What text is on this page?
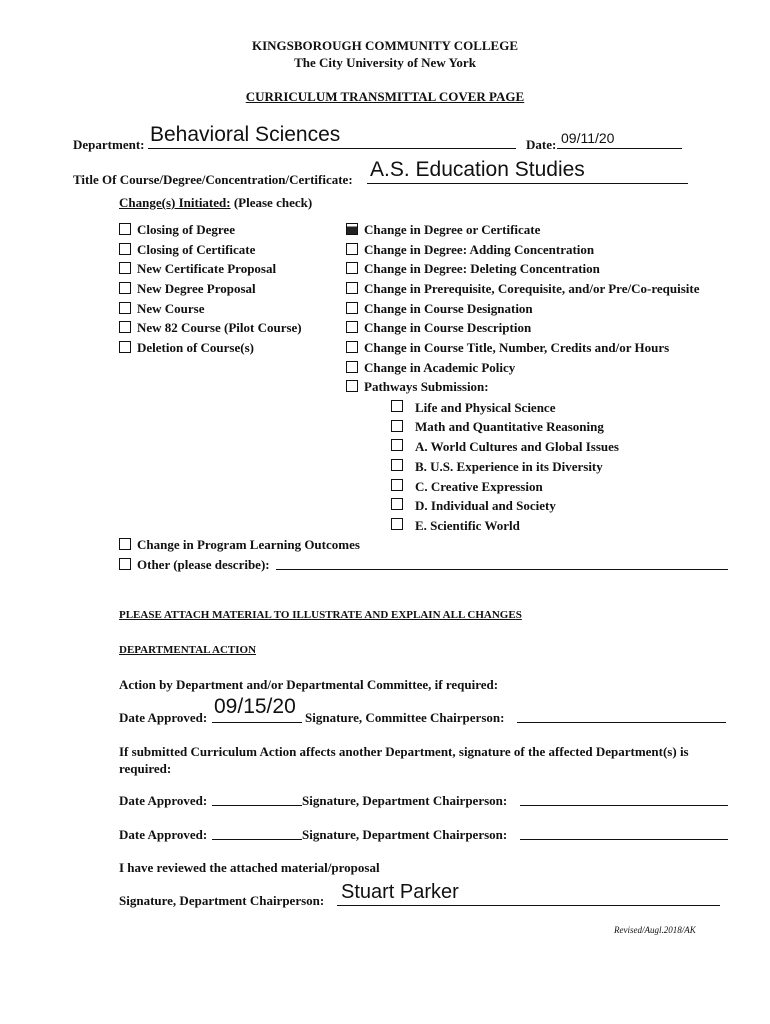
KINGSBOROUGH COMMUNITY COLLEGE
The City University of New York
CURRICULUM TRANSMITTAL COVER PAGE
Department: Behavioral Sciences	Date: 09/11/20
Title Of Course/Degree/Concentration/Certificate: A.S. Education Studies
Change(s) Initiated: (Please check)
Closing of Degree
Closing of Certificate
New Certificate Proposal
New Degree Proposal
New Course
New 82 Course (Pilot Course)
Deletion of Course(s)
Change in Degree or Certificate
Change in Degree: Adding Concentration
Change in Degree: Deleting Concentration
Change in Prerequisite, Corequisite, and/or Pre/Co-requisite
Change in Course Designation
Change in Course Description
Change in Course Title, Number, Credits and/or Hours
Change in Academic Policy
Pathways Submission:
Life and Physical Science
Math and Quantitative Reasoning
A. World Cultures and Global Issues
B. U.S. Experience in its Diversity
C. Creative Expression
D. Individual and Society
E. Scientific World
Change in Program Learning Outcomes
Other (please describe):
PLEASE ATTACH MATERIAL TO ILLUSTRATE AND EXPLAIN ALL CHANGES
DEPARTMENTAL ACTION
Action by Department and/or Departmental Committee, if required:
Date Approved: 09/15/20 Signature, Committee Chairperson:
If submitted Curriculum Action affects another Department, signature of the affected Department(s) is required:
Date Approved:	Signature, Department Chairperson:
Date Approved:	Signature, Department Chairperson:
I have reviewed the attached material/proposal
Signature, Department Chairperson: Stuart Parker
Revised/Augl.2018/AK
